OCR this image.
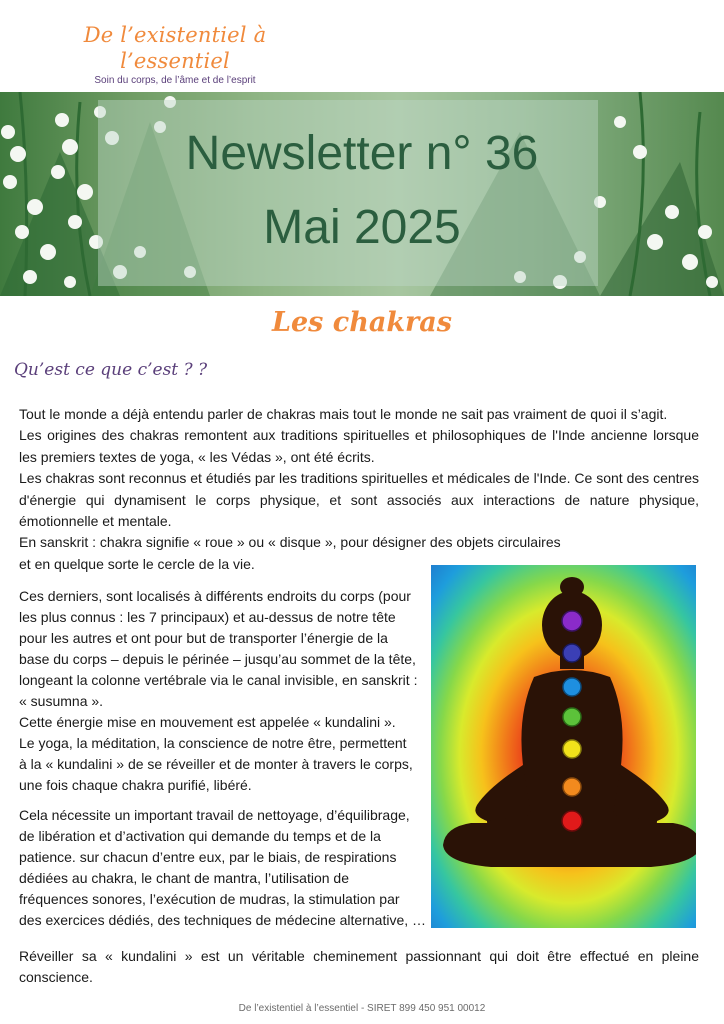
De l’existentiel à l’essentiel
Soin du corps, de l’âme et de l’esprit
Newsletter n° 36
Mai 2025
Les chakras
Qu’est ce que c’est ? ?
Tout le monde a déjà entendu parler de chakras mais tout le monde ne sait pas vraiment de quoi il s’agit.
Les origines des chakras remontent aux traditions spirituelles et philosophiques de l'Inde ancienne lorsque les premiers textes de yoga, « les Védas », ont été écrits.
Les chakras sont reconnus et étudiés par les traditions spirituelles et médicales de l'Inde. Ce sont des centres d'énergie qui dynamisent le corps physique, et sont associés aux interactions de nature physique, émotionnelle et mentale.
En sanskrit : chakra signifie « roue » ou « disque », pour désigner des objets circulaires
et en quelque sorte le cercle de la vie.
Ces derniers, sont localisés à différents endroits du corps (pour
les plus connus : les 7 principaux) et au-dessus de notre tête
pour les autres et ont pour but de transporter l’énergie de la
base du corps – depuis le périnée – jusqu’au sommet de la tête,
longeant la colonne vertébrale via le canal invisible, en sanskrit :
« susumna ».
Cette énergie mise en mouvement est appelée « kundalini ».
Le yoga, la méditation, la conscience de notre être, permettent
à la « kundalini » de se réveiller et de monter à travers le corps,
une fois chaque chakra purifié, libéré.
Cela nécessite un important travail de nettoyage, d’équilibrage,
de libération et d’activation qui demande du temps et de la
patience. sur chacun d’entre eux, par le biais, de respirations
dédiées au chakra, le chant de mantra, l’utilisation de
fréquences sonores, l’exécution de mudras, la stimulation par
des exercices dédiés, des techniques de médecine alternative, …
Réveiller sa « kundalini » est un véritable cheminement passionnant qui doit être effectué en pleine conscience.
De l’existentiel à l’essentiel - SIRET 899 450 951 00012
